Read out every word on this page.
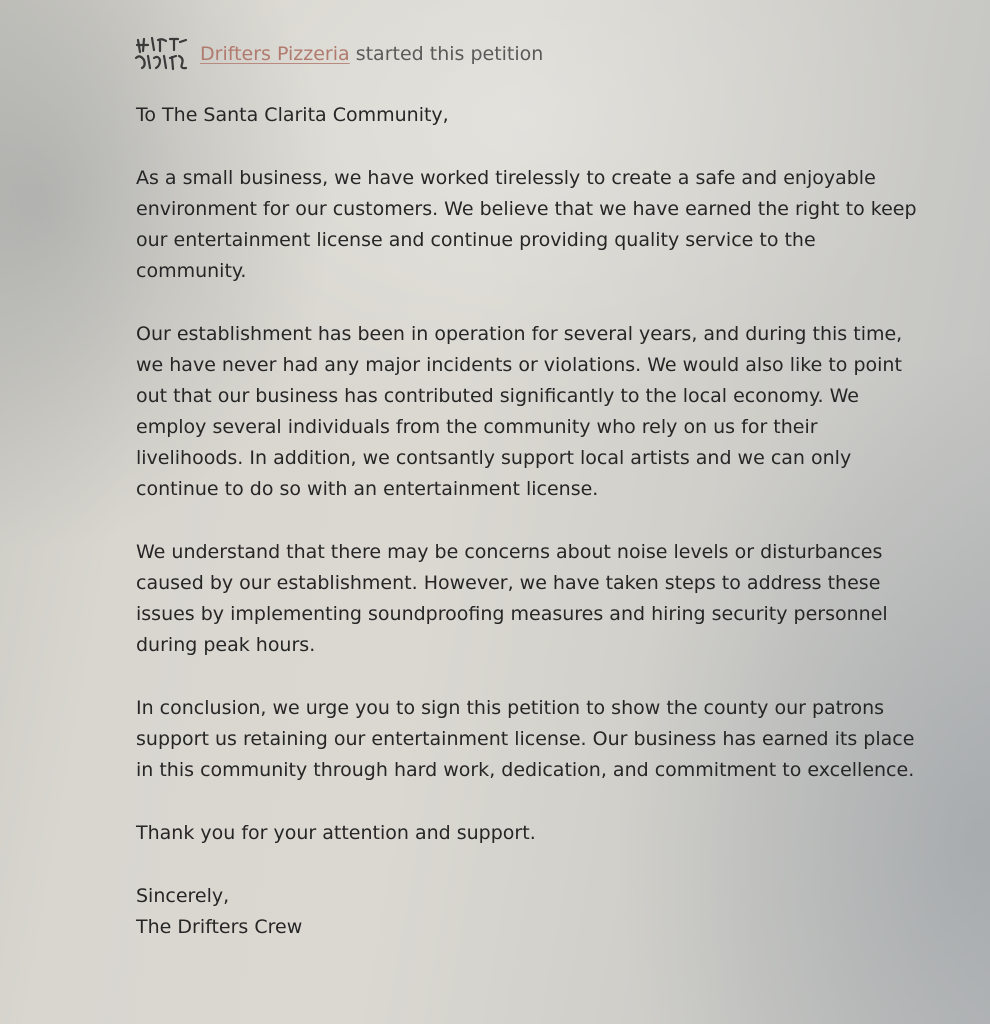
Drifters Pizzeria started this petition

To The Santa Clarita Community,

As a small business, we have worked tirelessly to create a safe and enjoyable environment for our customers. We believe that we have earned the right to keep our entertainment license and continue providing quality service to the community.

Our establishment has been in operation for several years, and during this time, we have never had any major incidents or violations. We would also like to point out that our business has contributed significantly to the local economy. We employ several individuals from the community who rely on us for their livelihoods. In addition, we contsantly support local artists and we can only continue to do so with an entertainment license.

We understand that there may be concerns about noise levels or disturbances caused by our establishment. However, we have taken steps to address these issues by implementing soundproofing measures and hiring security personnel during peak hours.

In conclusion, we urge you to sign this petition to show the county our patrons support us retaining our entertainment license. Our business has earned its place in this community through hard work, dedication, and commitment to excellence.

Thank you for your attention and support.

Sincerely,

The Drifters Crew
